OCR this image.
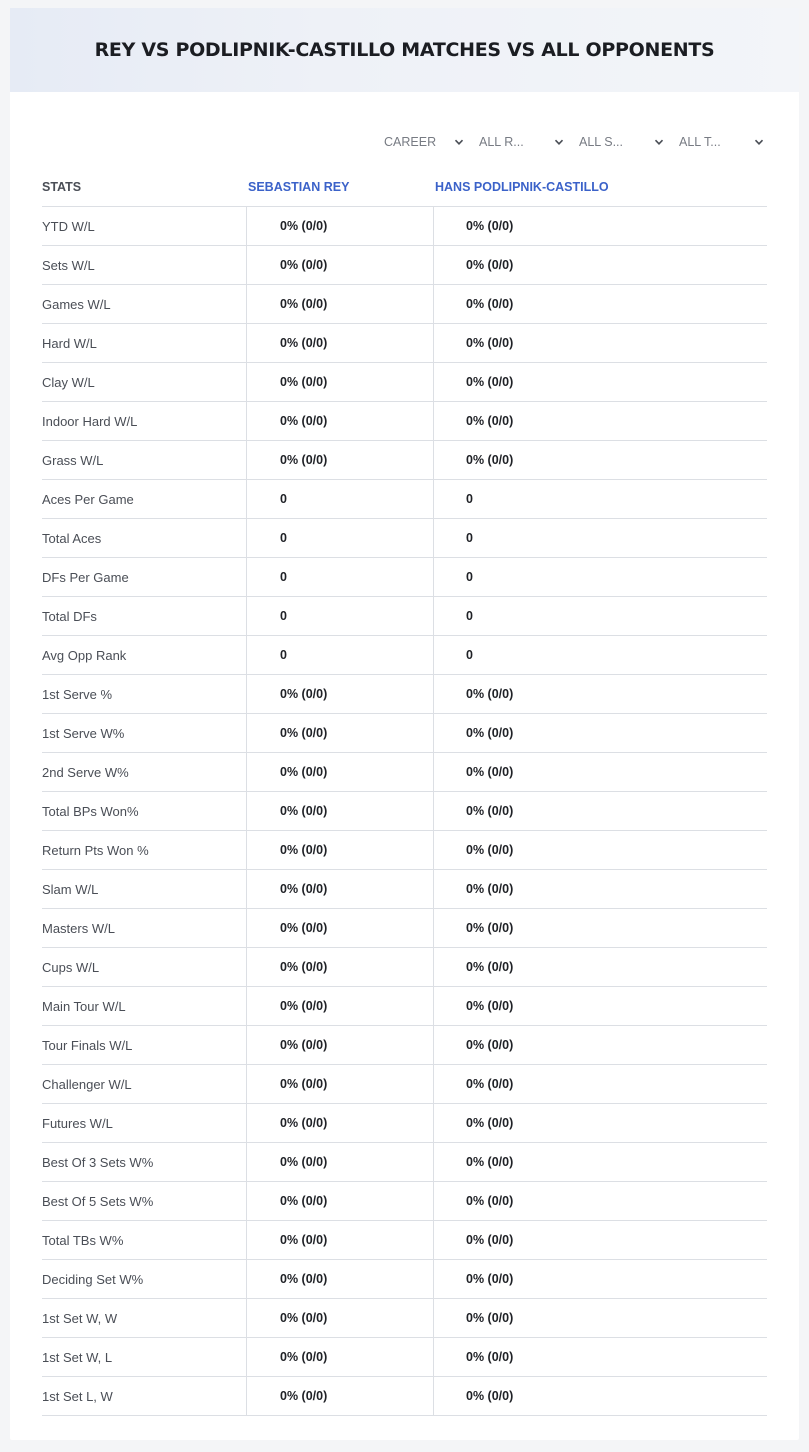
REY VS PODLIPNIK-CASTILLO MATCHES VS ALL OPPONENTS
CAREER	ALL R...	ALL S...	ALL T...
STATS	SEBASTIAN REY	HANS PODLIPNIK-CASTILLO
YTD W/L	0% (0/0)	0% (0/0)
Sets W/L	0% (0/0)	0% (0/0)
Games W/L	0% (0/0)	0% (0/0)
Hard W/L	0% (0/0)	0% (0/0)
Clay W/L	0% (0/0)	0% (0/0)
Indoor Hard W/L	0% (0/0)	0% (0/0)
Grass W/L	0% (0/0)	0% (0/0)
Aces Per Game	0	0
Total Aces	0	0
DFs Per Game	0	0
Total DFs	0	0
Avg Opp Rank	0	0
1st Serve %	0% (0/0)	0% (0/0)
1st Serve W%	0% (0/0)	0% (0/0)
2nd Serve W%	0% (0/0)	0% (0/0)
Total BPs Won%	0% (0/0)	0% (0/0)
Return Pts Won %	0% (0/0)	0% (0/0)
Slam W/L	0% (0/0)	0% (0/0)
Masters W/L	0% (0/0)	0% (0/0)
Cups W/L	0% (0/0)	0% (0/0)
Main Tour W/L	0% (0/0)	0% (0/0)
Tour Finals W/L	0% (0/0)	0% (0/0)
Challenger W/L	0% (0/0)	0% (0/0)
Futures W/L	0% (0/0)	0% (0/0)
Best Of 3 Sets W%	0% (0/0)	0% (0/0)
Best Of 5 Sets W%	0% (0/0)	0% (0/0)
Total TBs W%	0% (0/0)	0% (0/0)
Deciding Set W%	0% (0/0)	0% (0/0)
1st Set W, W	0% (0/0)	0% (0/0)
1st Set W, L	0% (0/0)	0% (0/0)
1st Set L, W	0% (0/0)	0% (0/0)
